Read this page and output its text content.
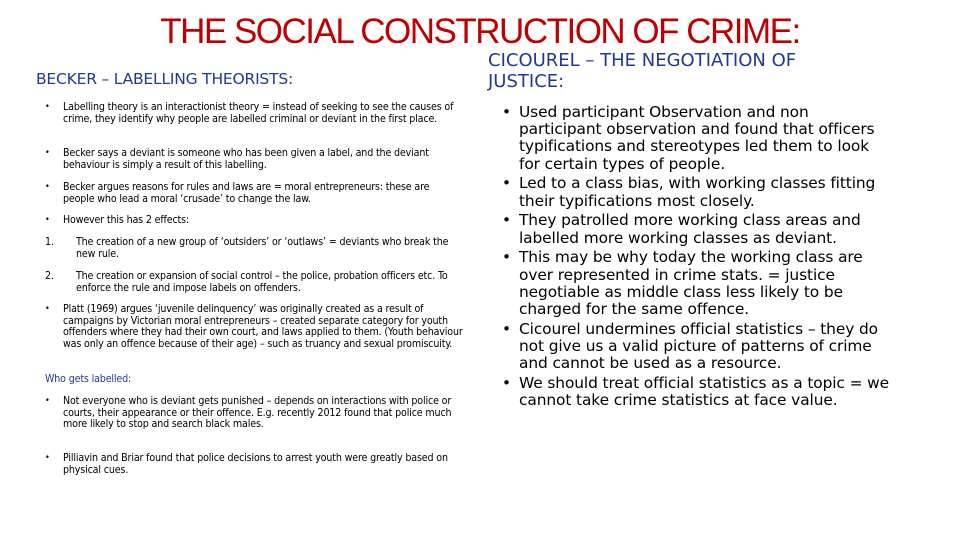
THE SOCIAL CONSTRUCTION OF CRIME:
CICOUREL – THE NEGOTIATION OF JUSTICE:
BECKER – LABELLING THEORISTS:
•	Labelling theory is an interactionist theory = instead of seeking to see the causes of crime, they identify why people are labelled criminal or deviant in the first place.
•	Becker says a deviant is someone who has been given a label, and the deviant behaviour is simply a result of this labelling.
•	Becker argues reasons for rules and laws are = moral entrepreneurs: these are people who lead a moral ‘crusade’ to change the law.
•	However this has 2 effects:
1.	The creation of a new group of ‘outsiders’ or ‘outlaws’ = deviants who break the new rule.
2.	The creation or expansion of social control – the police, probation officers etc. To enforce the rule and impose labels on offenders.
•	Platt (1969) argues ‘juvenile delinquency’ was originally created as a result of campaigns by Victorian moral entrepreneurs – created separate category for youth offenders where they had their own court, and laws applied to them. (Youth behaviour was only an offence because of their age) – such as truancy and sexual promiscuity.
Who gets labelled:
•	Not everyone who is deviant gets punished – depends on interactions with police or courts, their appearance or their offence. E.g. recently 2012 found that police much more likely to stop and search black males.
•	Pilliavin and Briar found that police decisions to arrest youth were greatly based on physical cues.
• Used participant Observation and non participant observation and found that officers typifications and stereotypes led them to look for certain types of people.
• Led to a class bias, with working classes fitting their typifications most closely.
• They patrolled more working class areas and labelled more working classes as deviant.
• This may be why today the working class are over represented in crime stats. = justice negotiable as middle class less likely to be charged for the same offence.
• Cicourel undermines official statistics – they do not give us a valid picture of patterns of crime and cannot be used as a resource.
• We should treat official statistics as a topic = we cannot take crime statistics at face value.
